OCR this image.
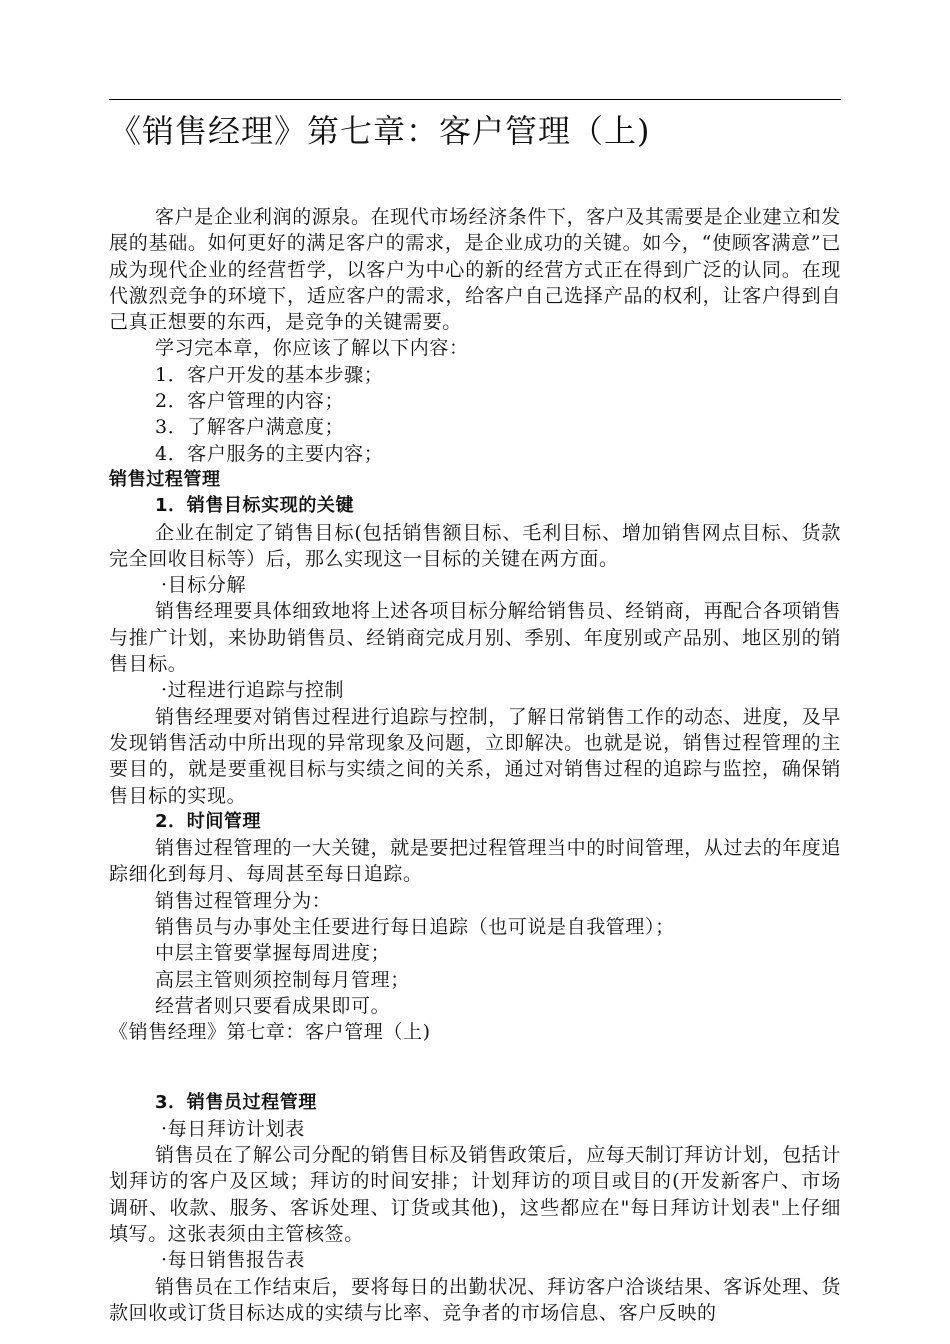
《销售经理》第七章：客户管理（上)

客户是企业利润的源泉。在现代市场经济条件下，客户及其需要是企业建立和发展的基础。如何更好的满足客户的需求，是企业成功的关键。如今，“使顾客满意”已成为现代企业的经营哲学，以客户为中心的新的经营方式正在得到广泛的认同。在现代激烈竞争的环境下，适应客户的需求，给客户自己选择产品的权利，让客户得到自己真正想要的东西，是竞争的关键需要。

学习完本章，你应该了解以下内容：

1．客户开发的基本步骤；

2．客户管理的内容；

3．了解客户满意度；

4．客户服务的主要内容；

销售过程管理

1．销售目标实现的关键

企业在制定了销售目标(包括销售额目标、毛利目标、增加销售网点目标、货款完全回收目标等）后，那么实现这一目标的关键在两方面。

·目标分解

销售经理要具体细致地将上述各项目标分解给销售员、经销商，再配合各项销售与推广计划，来协助销售员、经销商完成月别、季别、年度别或产品别、地区别的销售目标。

·过程进行追踪与控制

销售经理要对销售过程进行追踪与控制，了解日常销售工作的动态、进度，及早发现销售活动中所出现的异常现象及问题，立即解决。也就是说，销售过程管理的主要目的，就是要重视目标与实绩之间的关系，通过对销售过程的追踪与监控，确保销售目标的实现。

2．时间管理

销售过程管理的一大关键，就是要把过程管理当中的时间管理，从过去的年度追踪细化到每月、每周甚至每日追踪。

销售过程管理分为：

销售员与办事处主任要进行每日追踪（也可说是自我管理）；

中层主管要掌握每周进度；

高层主管则须控制每月管理；

经营者则只要看成果即可。

《销售经理》第七章：客户管理（上)

3．销售员过程管理

·每日拜访计划表

销售员在了解公司分配的销售目标及销售政策后，应每天制订拜访计划，包括计划拜访的客户及区域；拜访的时间安排；计划拜访的项目或目的(开发新客户、市场调研、收款、服务、客诉处理、订货或其他)，这些都应在"每日拜访计划表"上仔细填写。这张表须由主管核签。

·每日销售报告表

销售员在工作结束后，要将每日的出勤状况、拜访客户洽谈结果、客诉处理、货款回收或订货目标达成的实绩与比率、竞争者的市场信息、客户反映的
